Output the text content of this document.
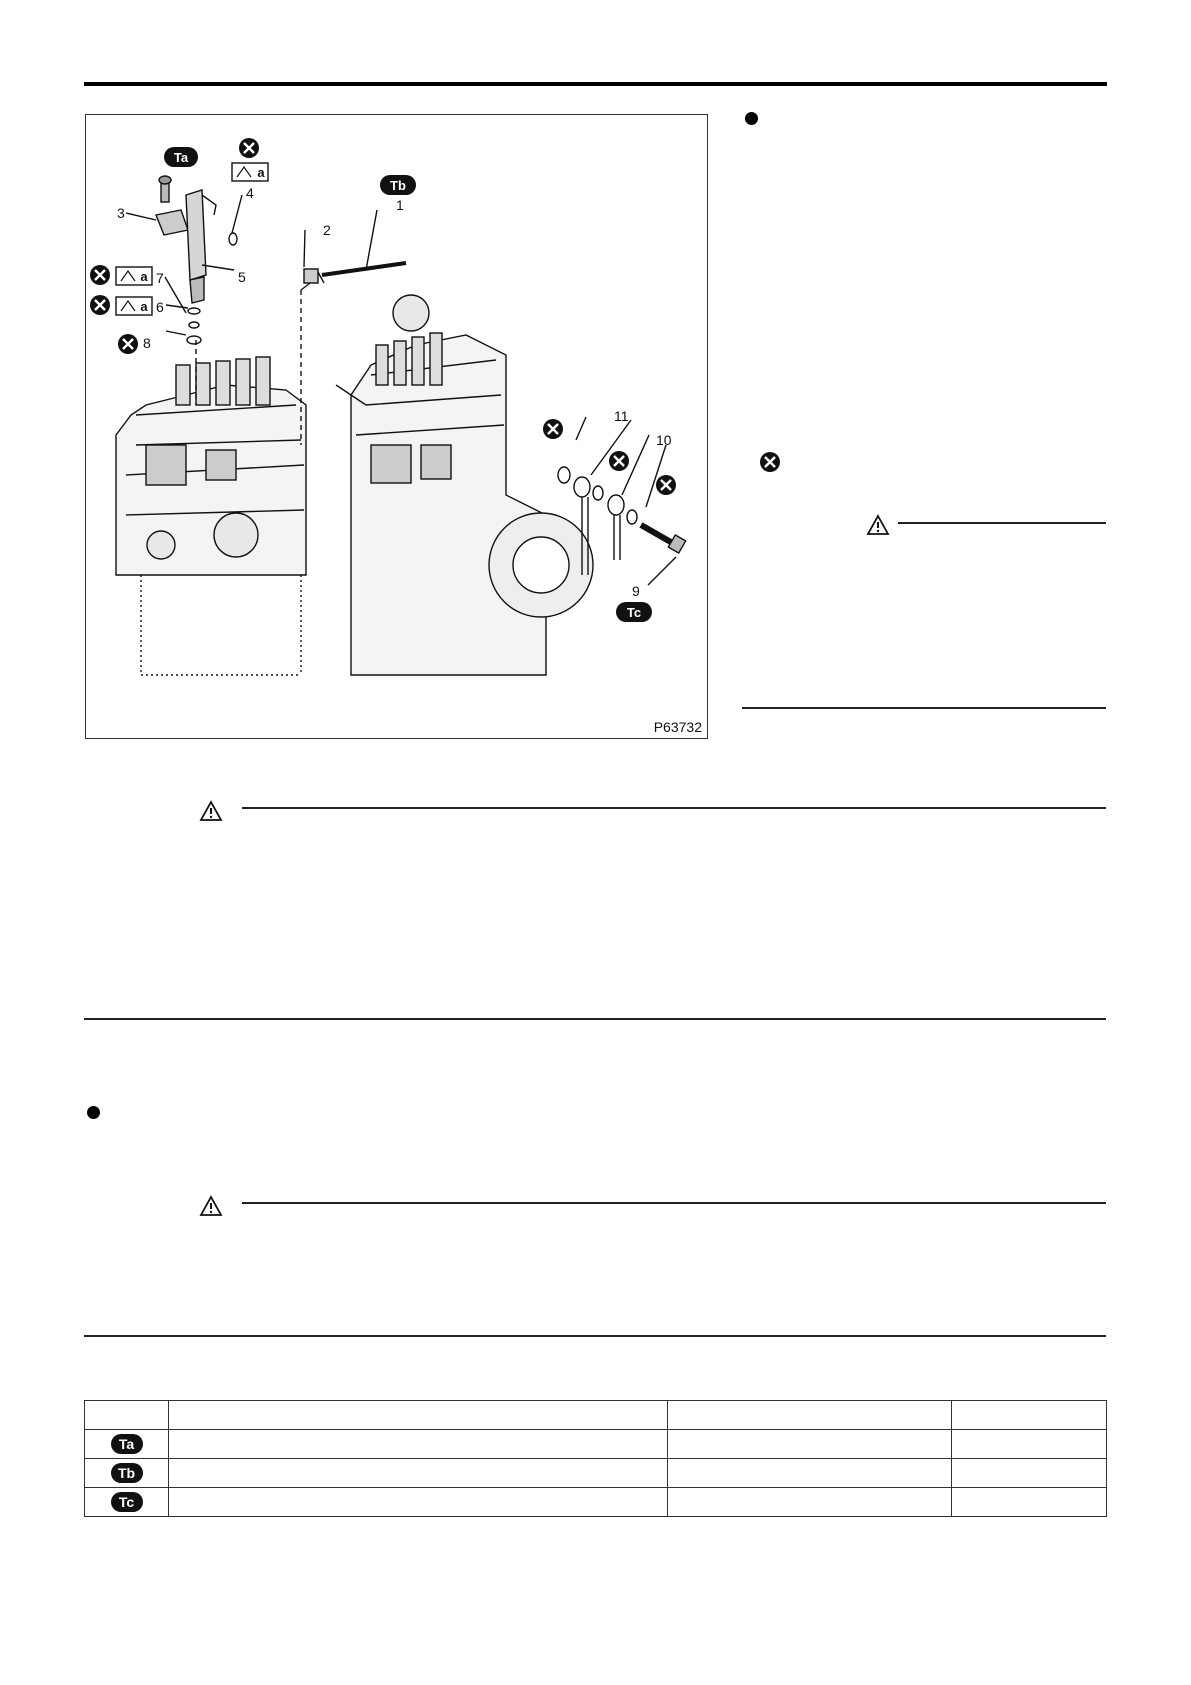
1
2
3
4
5
6
7
8
9
10
11
Ta
Tb
Tc
a
a
a
P63732

Ta			
Tb			
Tc			
